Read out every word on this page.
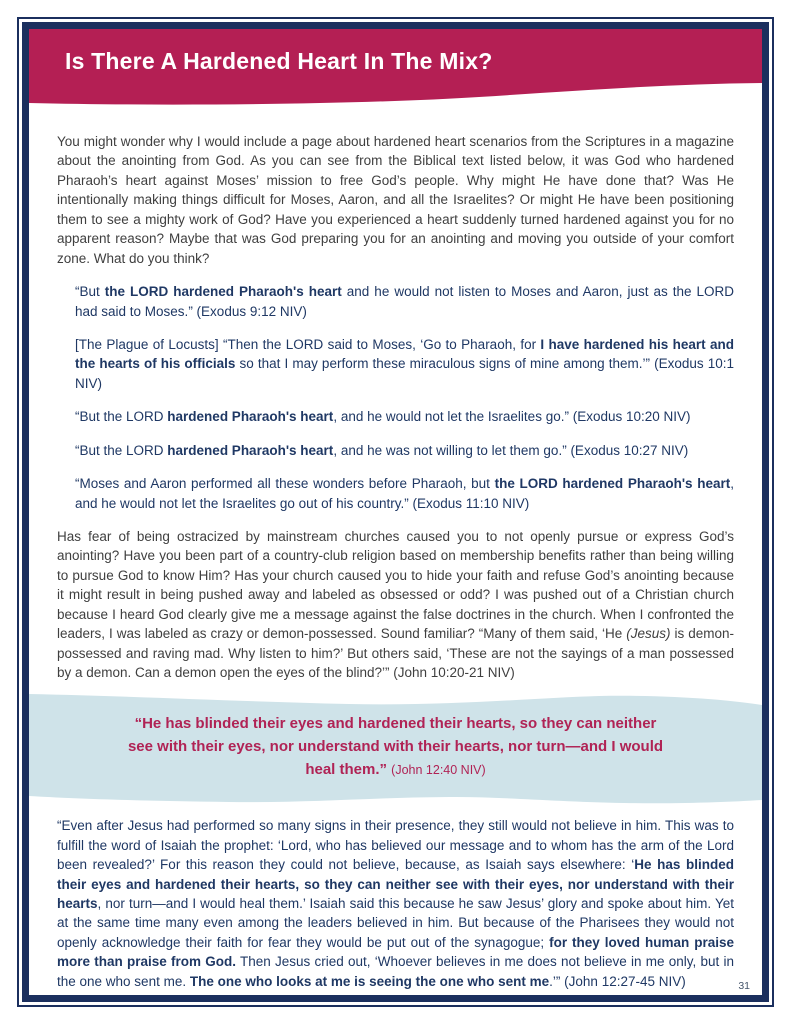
Is There A Hardened Heart In The Mix?

You might wonder why I would include a page about hardened heart scenarios from the Scriptures in a magazine about the anointing from God. As you can see from the Biblical text listed below, it was God who hardened Pharaoh’s heart against Moses’ mission to free God’s people. Why might He have done that? Was He intentionally making things difficult for Moses, Aaron, and all the Israelites? Or might He have been positioning them to see a mighty work of God? Have you experienced a heart suddenly turned hardened against you for no apparent reason? Maybe that was God preparing you for an anointing and moving you outside of your comfort zone. What do you think?

“But the LORD hardened Pharaoh's heart and he would not listen to Moses and Aaron, just as the LORD had said to Moses.” (Exodus 9:12 NIV)

[The Plague of Locusts] “Then the LORD said to Moses, ‘Go to Pharaoh, for I have hardened his heart and the hearts of his officials so that I may perform these miraculous signs of mine among them.’” (Exodus 10:1 NIV)

“But the LORD hardened Pharaoh's heart, and he would not let the Israelites go.” (Exodus 10:20 NIV)

“But the LORD hardened Pharaoh's heart, and he was not willing to let them go.” (Exodus 10:27 NIV)

“Moses and Aaron performed all these wonders before Pharaoh, but the LORD hardened Pharaoh's heart, and he would not let the Israelites go out of his country.” (Exodus 11:10 NIV)

Has fear of being ostracized by mainstream churches caused you to not openly pursue or express God’s anointing? Have you been part of a country-club religion based on membership benefits rather than being willing to pursue God to know Him? Has your church caused you to hide your faith and refuse God’s anointing because it might result in being pushed away and labeled as obsessed or odd? I was pushed out of a Christian church because I heard God clearly give me a message against the false doctrines in the church. When I confronted the leaders, I was labeled as crazy or demon-possessed. Sound familiar? “Many of them said, ‘He (Jesus) is demon-possessed and raving mad. Why listen to him?’ But others said, ‘These are not the sayings of a man possessed by a demon. Can a demon open the eyes of the blind?’” (John 10:20-21 NIV)

“He has blinded their eyes and hardened their hearts, so they can neither see with their eyes, nor understand with their hearts, nor turn—and I would heal them.” (John 12:40 NIV)

“Even after Jesus had performed so many signs in their presence, they still would not believe in him. This was to fulfill the word of Isaiah the prophet: ‘Lord, who has believed our message and to whom has the arm of the Lord been revealed?’ For this reason they could not believe, because, as Isaiah says elsewhere: ‘He has blinded their eyes and hardened their hearts, so they can neither see with their eyes, nor understand with their hearts, nor turn—and I would heal them.’ Isaiah said this because he saw Jesus’ glory and spoke about him. Yet at the same time many even among the leaders believed in him. But because of the Pharisees they would not openly acknowledge their faith for fear they would be put out of the synagogue; for they loved human praise more than praise from God. Then Jesus cried out, ‘Whoever believes in me does not believe in me only, but in the one who sent me. The one who looks at me is seeing the one who sent me.’” (John 12:27-45 NIV)	31
